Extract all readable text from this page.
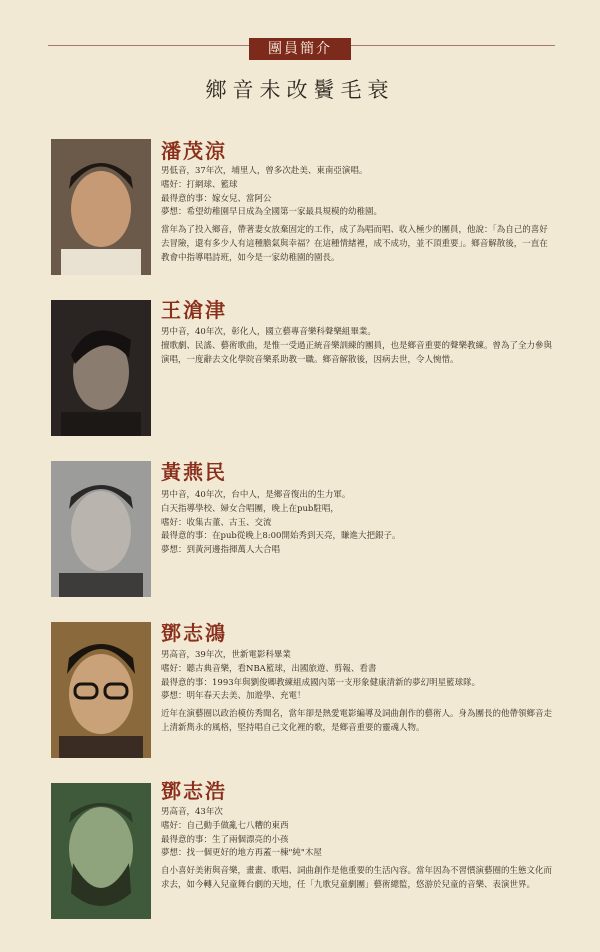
團員簡介
鄉音未改鬢毛衰
潘茂涼
男低音，37年次，埔里人，曾多次赴美、東南亞演唱。
嗜好：打網球、籃球
最得意的事：嫁女兒、當阿公
夢想：希望幼稚園早日成為全國第一家最具規模的幼稚園。
當年為了投入鄉音，帶著妻女放棄固定的工作，成了為唱而唱、收入極少的團員，他說：「為自己的喜好去冒險，還有多少人有這種膽氣與幸福？在這種情緒裡，成不成功，並不頂重要」。鄉音解散後，一直在教會中指導唱詩班，如今是一家幼稚園的園長。
王滄津
男中音，40年次，彰化人，國立藝專音樂科聲樂組畢業。
擅歌劇、民謠、藝術歌曲，是惟一受過正統音樂訓練的團員，也是鄉音重要的聲樂教練。曾為了全力參與演唱，一度辭去文化學院音樂系助教一職。鄉音解散後，因病去世，令人惋惜。
黃燕民
男中音，40年次，台中人，是鄉音復出的生力軍。
白天指導學校、婦女合唱團，晚上在pub駐唱，
嗜好：收集古董、古玉、交流
最得意的事：在pub從晚上8:00開始秀到天亮，賺進大把銀子。
夢想：到黃河邊指揮萬人大合唱
鄧志鴻
男高音，39年次，世新電影科畢業
嗜好：聽古典音樂，看NBA籃球，出國旅遊、剪報、看書
最得意的事：1993年與劉俊卿教練組成國內第一支形象健康清新的夢幻明星籃球隊。
夢想：明年春天去美、加遊學、充電！
近年在演藝圈以政治模仿秀聞名，當年卻是熱愛電影編導及詞曲創作的藝術人。身為團長的他帶領鄉音走上清新雋永的風格，堅持唱自己文化裡的歌，是鄉音重要的靈魂人物。
鄧志浩
男高音，43年次
嗜好：自己動手做亂七八糟的東西
最得意的事：生了兩個漂亮的小孩
夢想：找一個更好的地方再蓋一棟"純"木屋
自小喜好美術與音樂，畫畫、歌唱、詞曲創作是他重要的生活內容。當年因為不習慣演藝圈的生態文化而求去，如今轉入兒童舞台劇的天地，任「九歌兒童劇團」藝術總監，悠游於兒童的音樂、表演世界。
